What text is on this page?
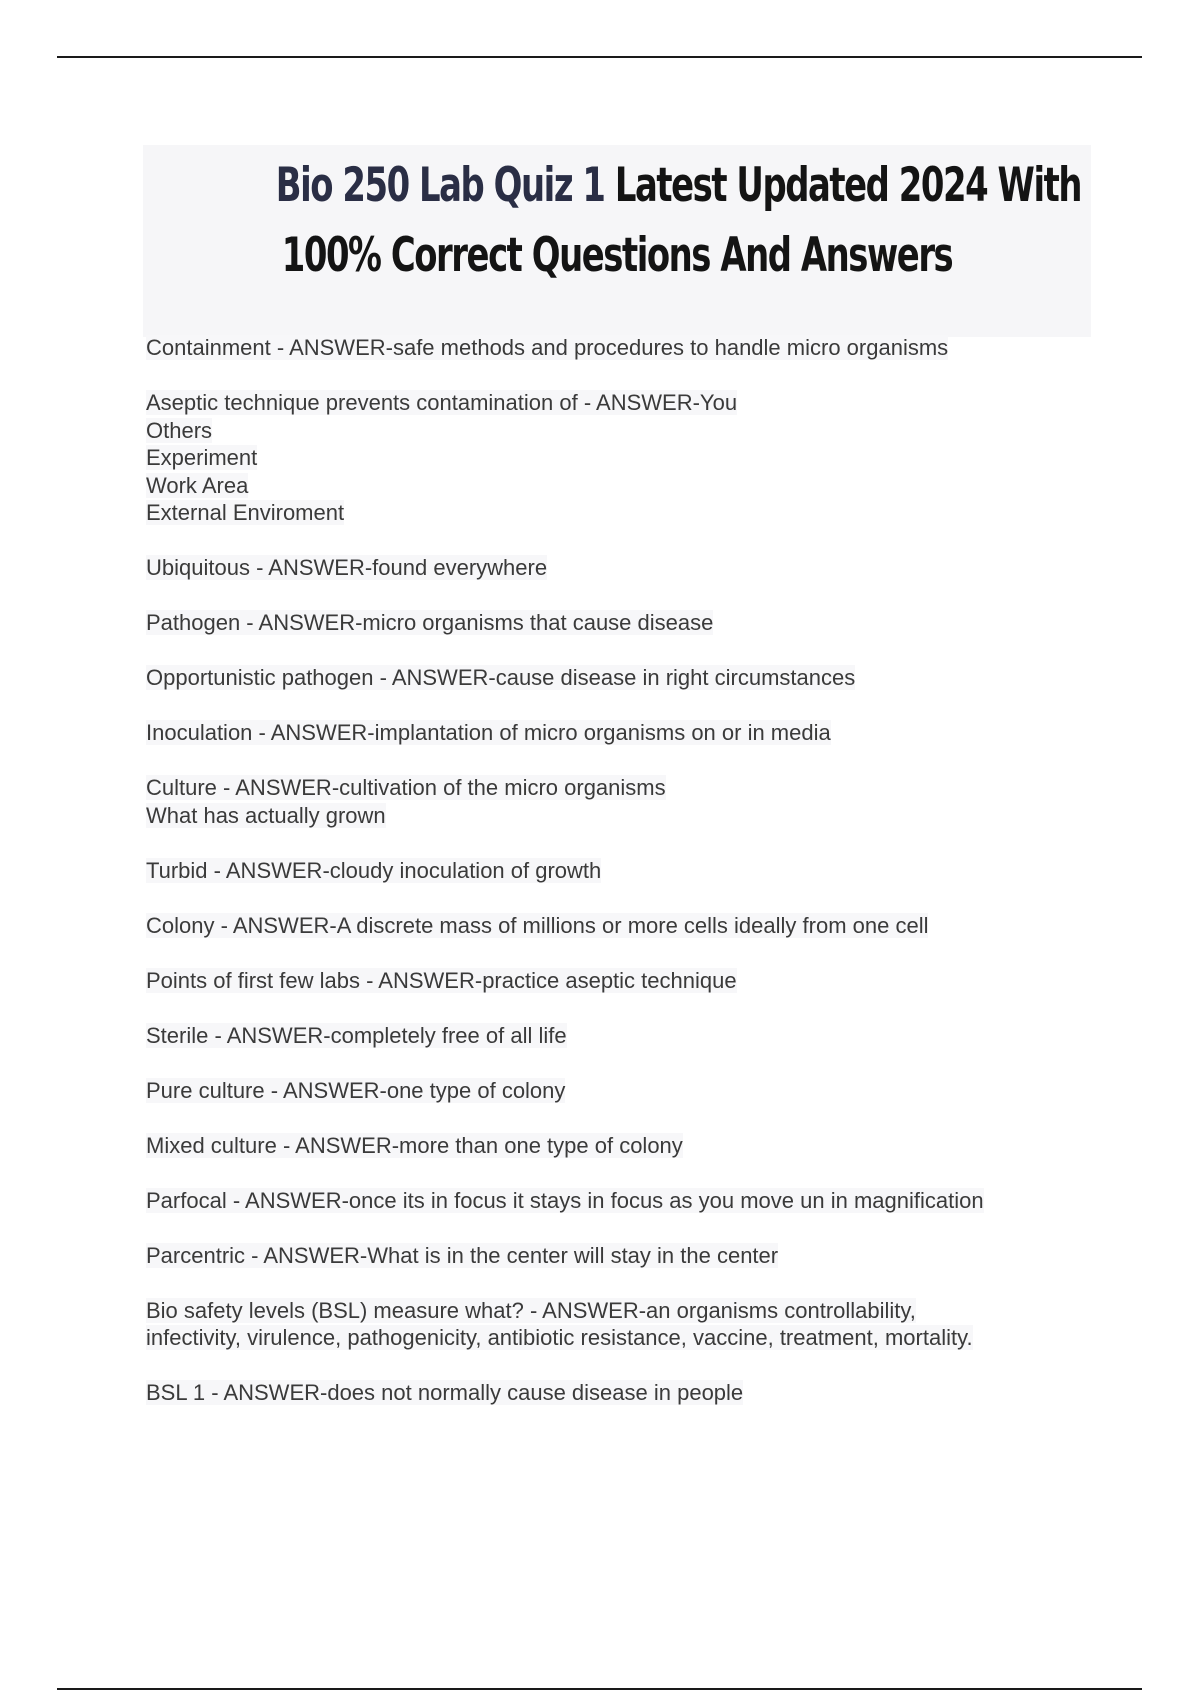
Bio 250 Lab Quiz 1 Latest Updated 2024 With
100% Correct Questions And Answers
Containment - ANSWER-safe methods and procedures to handle micro organisms
Aseptic technique prevents contamination of - ANSWER-You
Others
Experiment
Work Area
External Enviroment
Ubiquitous - ANSWER-found everywhere
Pathogen - ANSWER-micro organisms that cause disease
Opportunistic pathogen - ANSWER-cause disease in right circumstances
Inoculation - ANSWER-implantation of micro organisms on or in media
Culture - ANSWER-cultivation of the micro organisms
What has actually grown
Turbid - ANSWER-cloudy inoculation of growth
Colony - ANSWER-A discrete mass of millions or more cells ideally from one cell
Points of first few labs - ANSWER-practice aseptic technique
Sterile - ANSWER-completely free of all life
Pure culture - ANSWER-one type of colony
Mixed culture - ANSWER-more than one type of colony
Parfocal - ANSWER-once its in focus it stays in focus as you move un in magnification
Parcentric - ANSWER-What is in the center will stay in the center
Bio safety levels (BSL) measure what? - ANSWER-an organisms controllability,
infectivity, virulence, pathogenicity, antibiotic resistance, vaccine, treatment, mortality.
BSL 1 - ANSWER-does not normally cause disease in people
